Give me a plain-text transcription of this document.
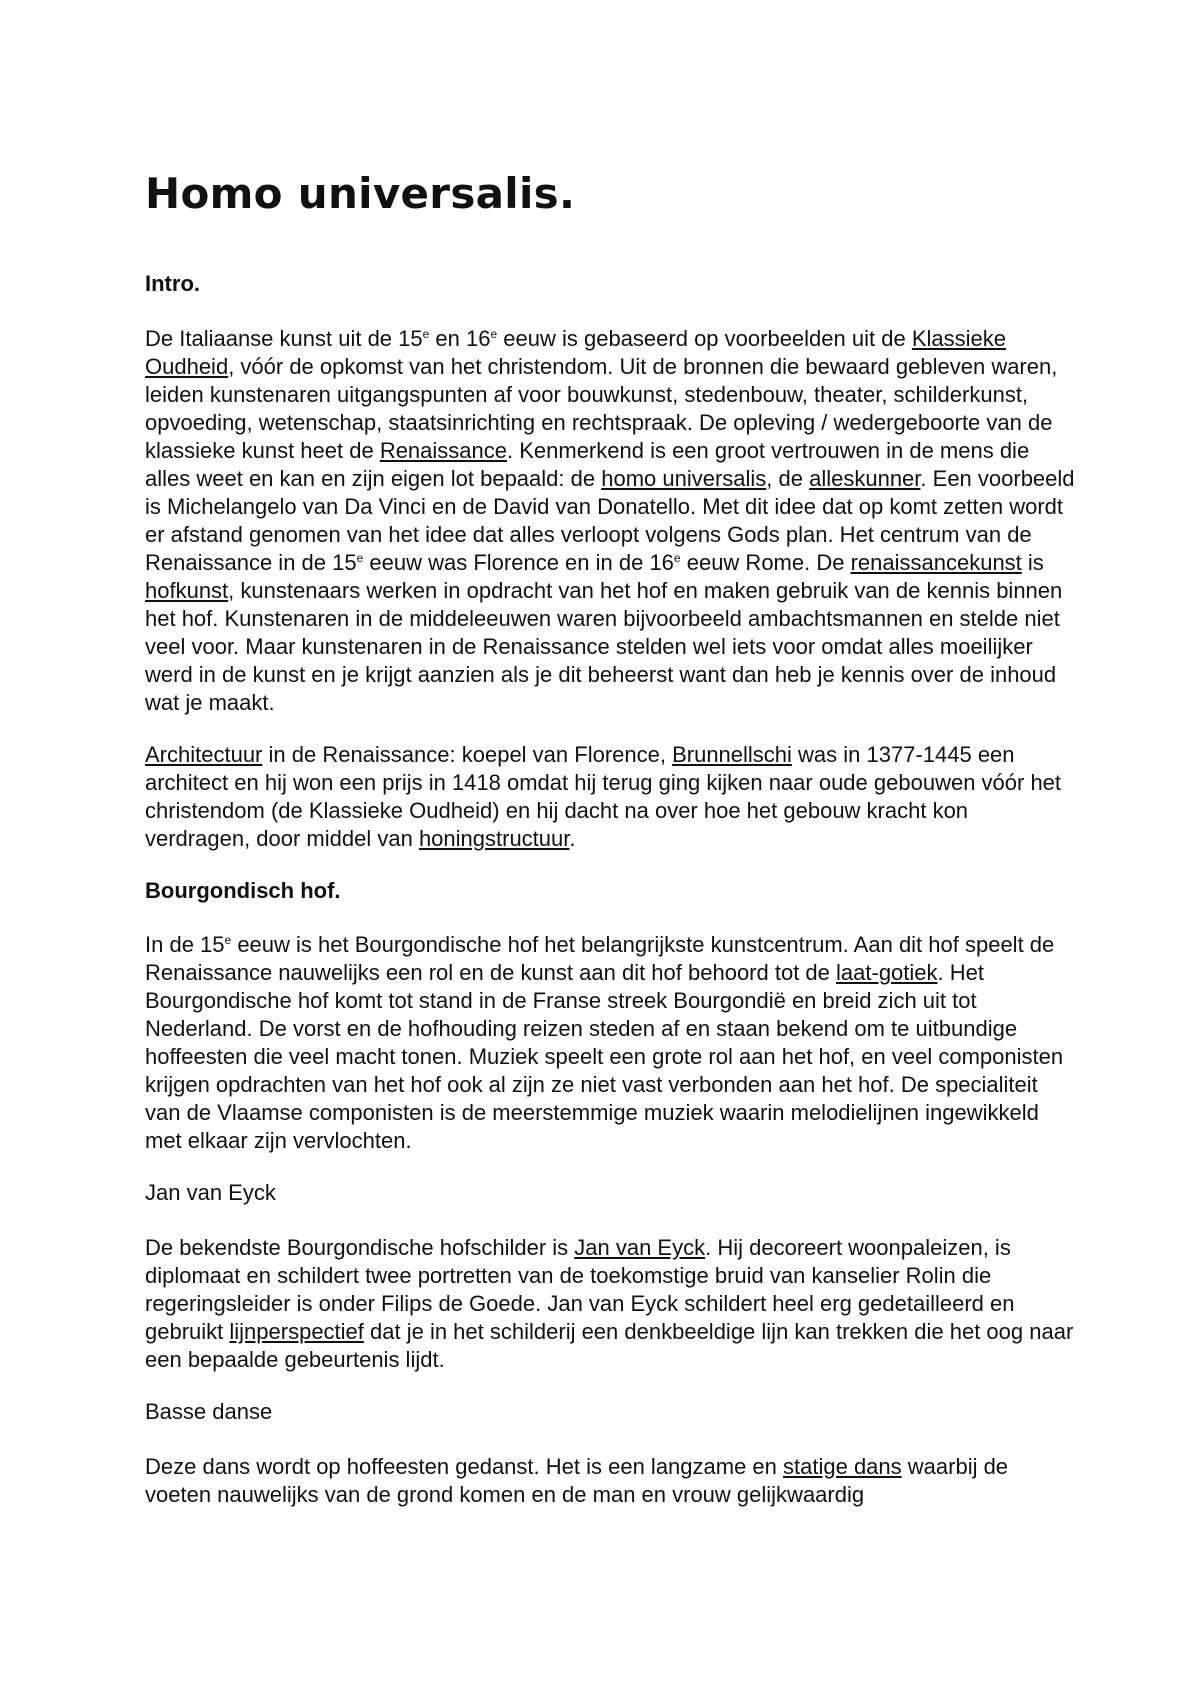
Homo universalis.
Intro.

De Italiaanse kunst uit de 15e en 16e eeuw is gebaseerd op voorbeelden uit de Klassieke Oudheid, vóór de opkomst van het christendom. Uit de bronnen die bewaard gebleven waren, leiden kunstenaren uitgangspunten af voor bouwkunst, stedenbouw, theater, schilderkunst, opvoeding, wetenschap, staatsinrichting en rechtspraak. De opleving / wedergeboorte van de klassieke kunst heet de Renaissance. Kenmerkend is een groot vertrouwen in de mens die alles weet en kan en zijn eigen lot bepaald: de homo universalis, de alleskunner. Een voorbeeld is Michelangelo van Da Vinci en de David van Donatello. Met dit idee dat op komt zetten wordt er afstand genomen van het idee dat alles verloopt volgens Gods plan. Het centrum van de Renaissance in de 15e eeuw was Florence en in de 16e eeuw Rome. De renaissancekunst is hofkunst, kunstenaars werken in opdracht van het hof en maken gebruik van de kennis binnen het hof. Kunstenaren in de middeleeuwen waren bijvoorbeeld ambachtsmannen en stelde niet veel voor. Maar kunstenaren in de Renaissance stelden wel iets voor omdat alles moeilijker werd in de kunst en je krijgt aanzien als je dit beheerst want dan heb je kennis over de inhoud wat je maakt.

Architectuur in de Renaissance: koepel van Florence, Brunnellschi was in 1377-1445 een architect en hij won een prijs in 1418 omdat hij terug ging kijken naar oude gebouwen vóór het christendom (de Klassieke Oudheid) en hij dacht na over hoe het gebouw kracht kon verdragen, door middel van honingstructuur.

Bourgondisch hof.

In de 15e eeuw is het Bourgondische hof het belangrijkste kunstcentrum. Aan dit hof speelt de Renaissance nauwelijks een rol en de kunst aan dit hof behoord tot de laat-gotiek. Het Bourgondische hof komt tot stand in de Franse streek Bourgondië en breid zich uit tot Nederland. De vorst en de hofhouding reizen steden af en staan bekend om te uitbundige hoffeesten die veel macht tonen. Muziek speelt een grote rol aan het hof, en veel componisten krijgen opdrachten van het hof ook al zijn ze niet vast verbonden aan het hof. De specialiteit van de Vlaamse componisten is de meerstemmige muziek waarin melodielijnen ingewikkeld met elkaar zijn vervlochten.

Jan van Eyck

De bekendste Bourgondische hofschilder is Jan van Eyck. Hij decoreert woonpaleizen, is diplomaat en schildert twee portretten van de toekomstige bruid van kanselier Rolin die regeringsleider is onder Filips de Goede. Jan van Eyck schildert heel erg gedetailleerd en gebruikt lijnperspectief dat je in het schilderij een denkbeeldige lijn kan trekken die het oog naar een bepaalde gebeurtenis lijdt.

Basse danse

Deze dans wordt op hoffeesten gedanst. Het is een langzame en statige dans waarbij de voeten nauwelijks van de grond komen en de man en vrouw gelijkwaardig
